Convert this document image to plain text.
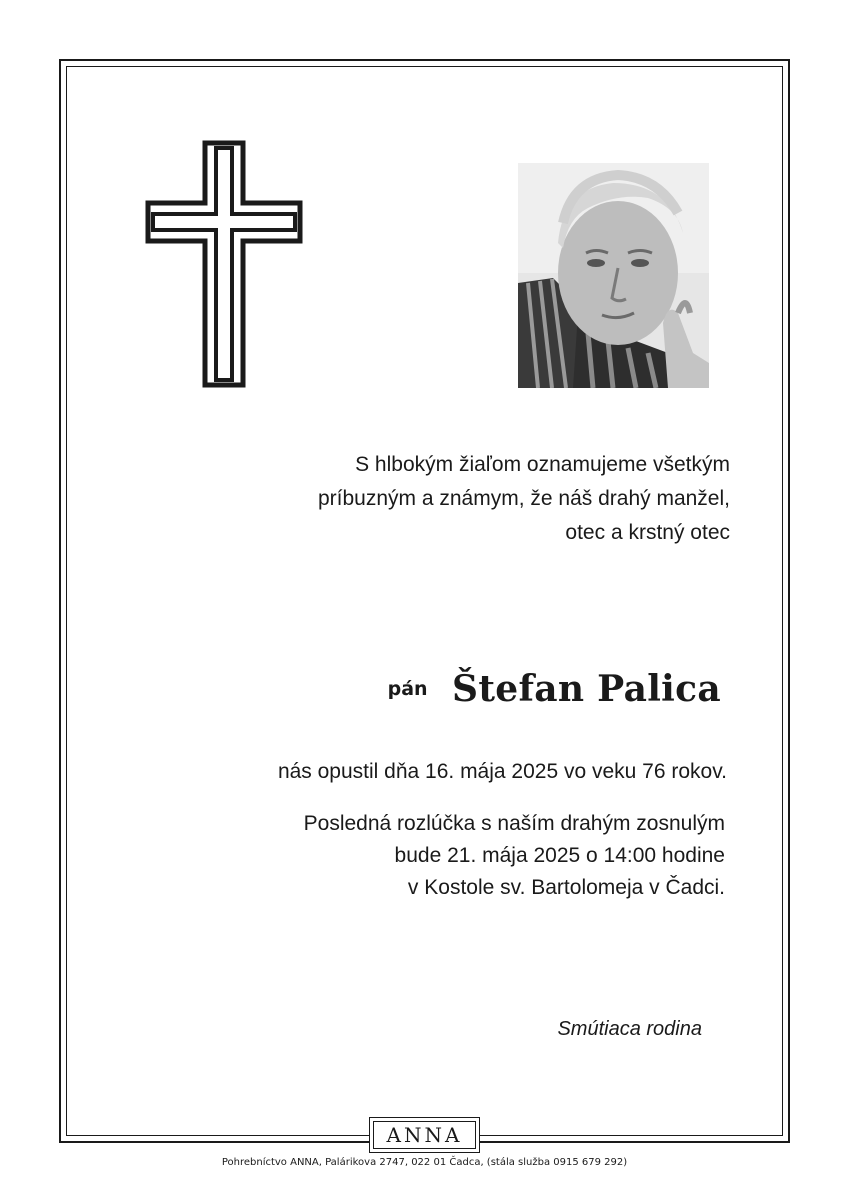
S hlbokým žiaľom oznamujeme všetkým
príbuzným a známym, že náš drahý manžel,
otec a krstný otec
pán Štefan Palica
nás opustil dňa 16. mája 2025 vo veku 76 rokov.
Posledná rozlúčka s naším drahým zosnulým
bude 21. mája 2025 o 14:00 hodine
v Kostole sv. Bartolomeja v Čadci.
Smútiaca rodina
ANNA
Pohrebníctvo ANNA, Palárikova 2747, 022 01 Čadca, (stála služba 0915 679 292)
